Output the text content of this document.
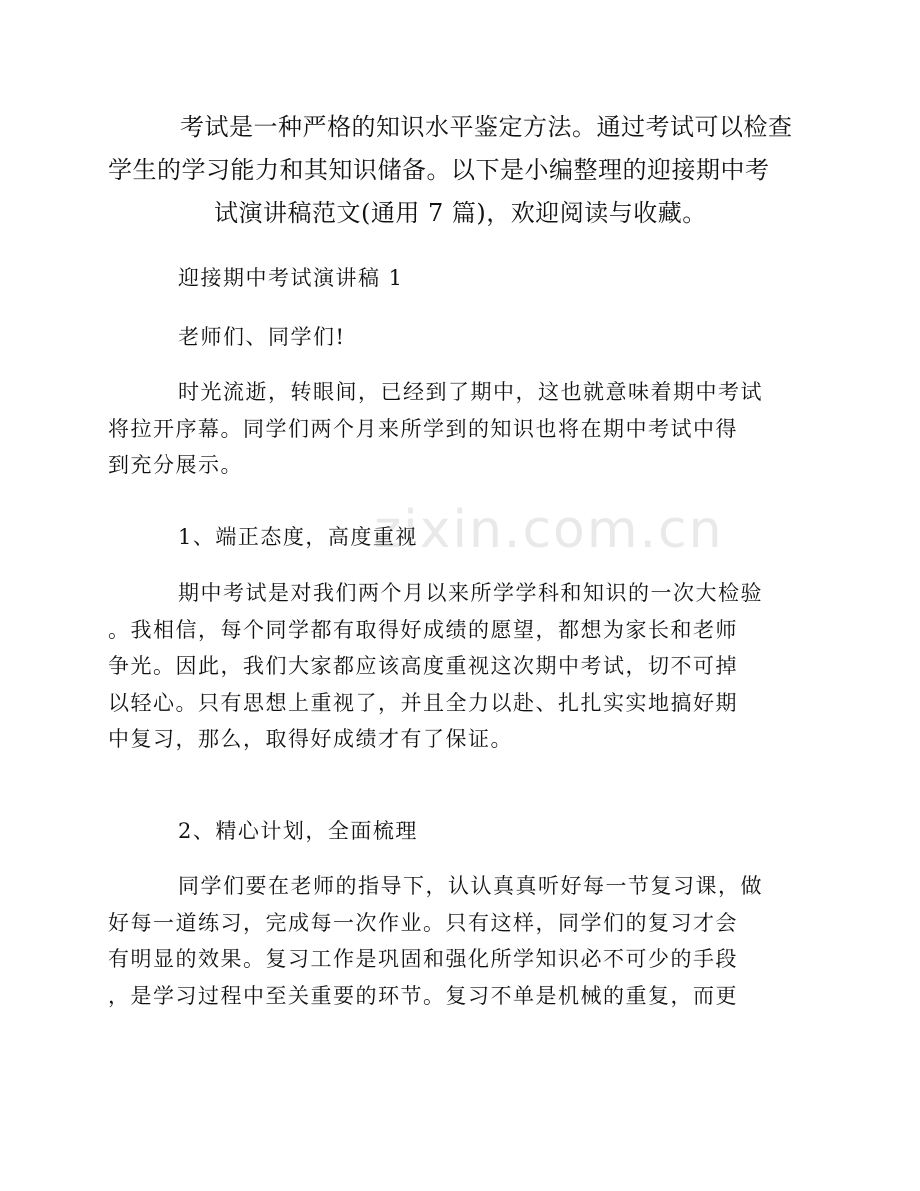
zixin.com.cn
考试是一种严格的知识水平鉴定方法。通过考试可以检查
学生的学习能力和其知识储备。以下是小编整理的迎接期中考
试演讲稿范文(通用 7 篇)，欢迎阅读与收藏。
迎接期中考试演讲稿 1
老师们、同学们!
时光流逝，转眼间，已经到了期中，这也就意味着期中考试
将拉开序幕。同学们两个月来所学到的知识也将在期中考试中得
到充分展示。
1、端正态度，高度重视
期中考试是对我们两个月以来所学学科和知识的一次大检验
。我相信，每个同学都有取得好成绩的愿望，都想为家长和老师
争光。因此，我们大家都应该高度重视这次期中考试，切不可掉
以轻心。只有思想上重视了，并且全力以赴、扎扎实实地搞好期
中复习，那么，取得好成绩才有了保证。
2、精心计划，全面梳理
同学们要在老师的指导下，认认真真听好每一节复习课，做
好每一道练习，完成每一次作业。只有这样，同学们的复习才会
有明显的效果。复习工作是巩固和强化所学知识必不可少的手段
，是学习过程中至关重要的环节。复习不单是机械的重复，而更
